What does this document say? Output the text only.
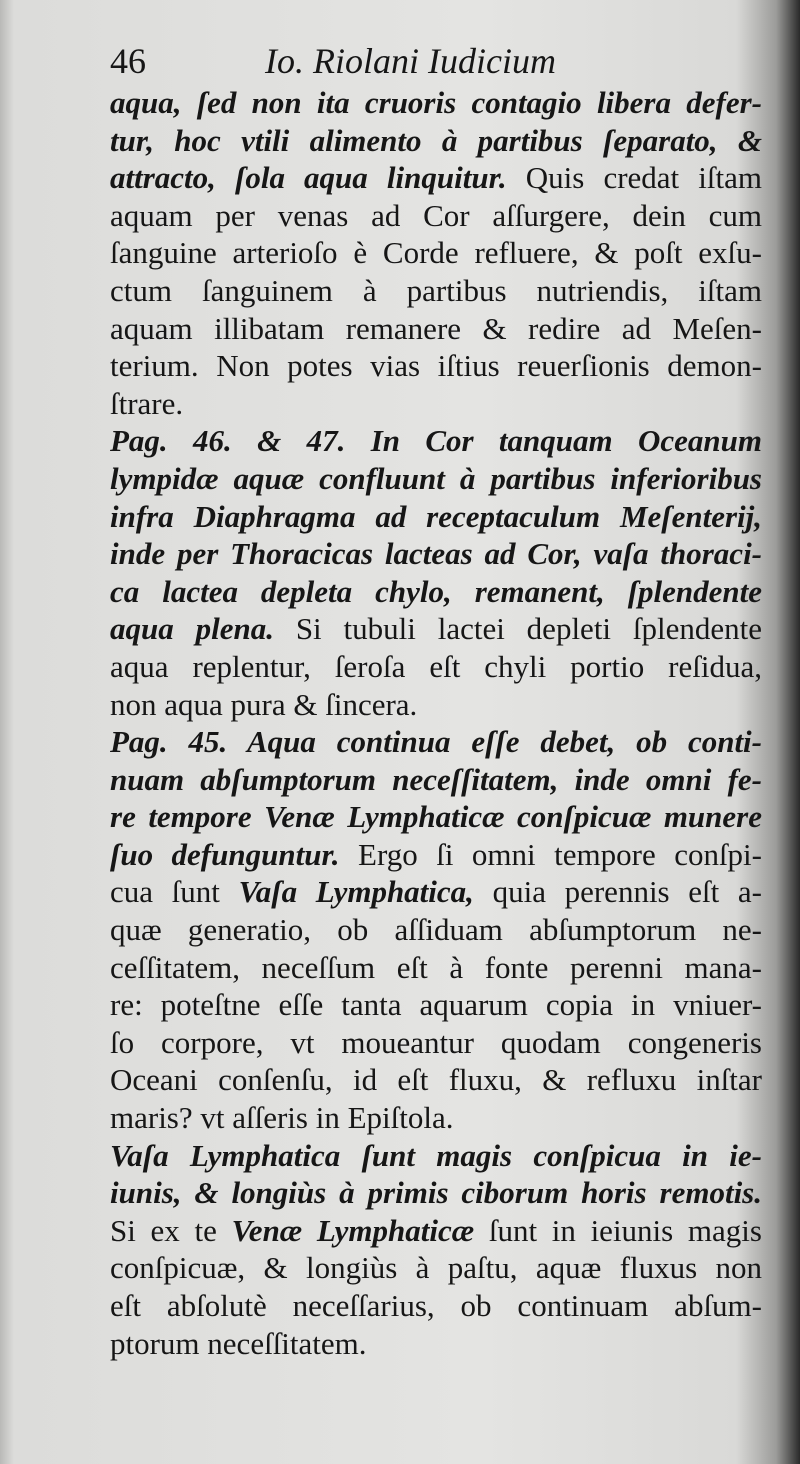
46	Io. Riolani Iudicium
aqua, ſed non ita cruoris contagio libera defer-
tur, hoc vtili alimento à partibus ſeparato, &
attracto, ſola aqua linquitur. Quis credat iſtam
aquam per venas ad Cor aſſurgere, dein cum
ſanguine arterioſo è Corde refluere, & poſt exſu-
ctum ſanguinem à partibus nutriendis, iſtam
aquam illibatam remanere & redire ad Meſen-
terium. Non potes vias iſtius reuerſionis demon-
ſtrare.
Pag. 46. & 47. In Cor tanquam Oceanum
lympidæ aquæ confluunt à partibus inferioribus
infra Diaphragma ad receptaculum Meſenterij,
inde per Thoracicas lacteas ad Cor, vaſa thoraci-
ca lactea depleta chylo, remanent, ſplendente
aqua plena. Si tubuli lactei depleti ſplendente
aqua replentur, ſeroſa eſt chyli portio reſidua,
non aqua pura & ſincera.
Pag. 45. Aqua continua eſſe debet, ob conti-
nuam abſumptorum neceſſitatem, inde omni fe-
re tempore Venæ Lymphaticæ conſpicuæ munere
ſuo defunguntur. Ergo ſi omni tempore conſpi-
cua ſunt Vaſa Lymphatica, quia perennis eſt a-
quæ generatio, ob aſſiduam abſumptorum ne-
ceſſitatem, neceſſum eſt à fonte perenni mana-
re: poteſtne eſſe tanta aquarum copia in vniuer-
ſo corpore, vt moueantur quodam congeneris
Oceani conſenſu, id eſt fluxu, & refluxu inſtar
maris? vt aſſeris in Epiſtola.
Vaſa Lymphatica ſunt magis conſpicua in ie-
iunis, & longiùs à primis ciborum horis remotis.
Si ex te Venæ Lymphaticæ ſunt in ieiunis magis
conſpicuæ, & longiùs à paſtu, aquæ fluxus non
eſt abſolutè neceſſarius, ob continuam abſum-
ptorum neceſſitatem.
